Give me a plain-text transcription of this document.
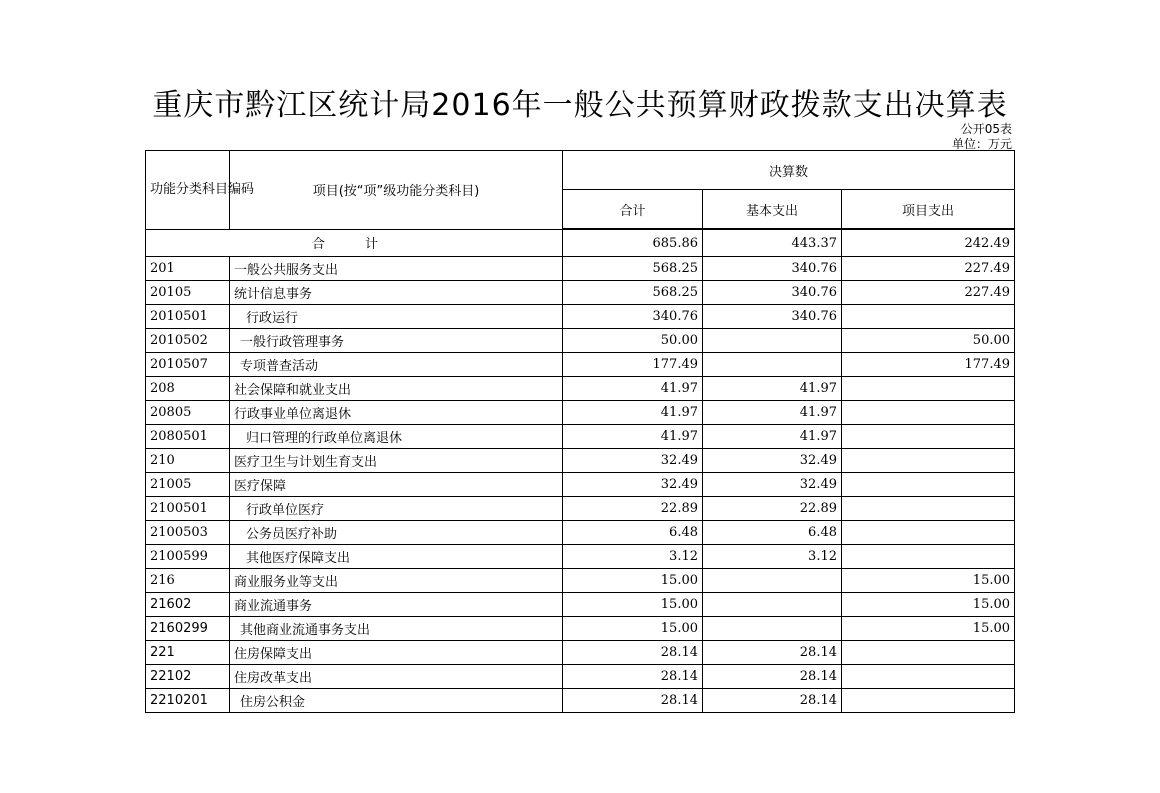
重庆市黔江区统计局2016年一般公共预算财政拨款支出决算表
公开05表
单位：万元
功能分类科目编码	项目(按“项”级功能分类科目)	决算数		
		合计	基本支出	项目支出
合 计		685.86	443.37	242.49
201	一般公共服务支出	568.25	340.76	227.49
20105	统计信息事务	568.25	340.76	227.49
2010501	行政运行	340.76	340.76	
2010502	一般行政管理事务	50.00		50.00
2010507	专项普查活动	177.49		177.49
208	社会保障和就业支出	41.97	41.97	
20805	行政事业单位离退休	41.97	41.97	
2080501	归口管理的行政单位离退休	41.97	41.97	
210	医疗卫生与计划生育支出	32.49	32.49	
21005	医疗保障	32.49	32.49	
2100501	行政单位医疗	22.89	22.89	
2100503	公务员医疗补助	6.48	6.48	
2100599	其他医疗保障支出	3.12	3.12	
216	商业服务业等支出	15.00		15.00
21602	商业流通事务	15.00		15.00
2160299	其他商业流通事务支出	15.00		15.00
221	住房保障支出	28.14	28.14	
22102	住房改革支出	28.14	28.14	
2210201	住房公积金	28.14	28.14	
